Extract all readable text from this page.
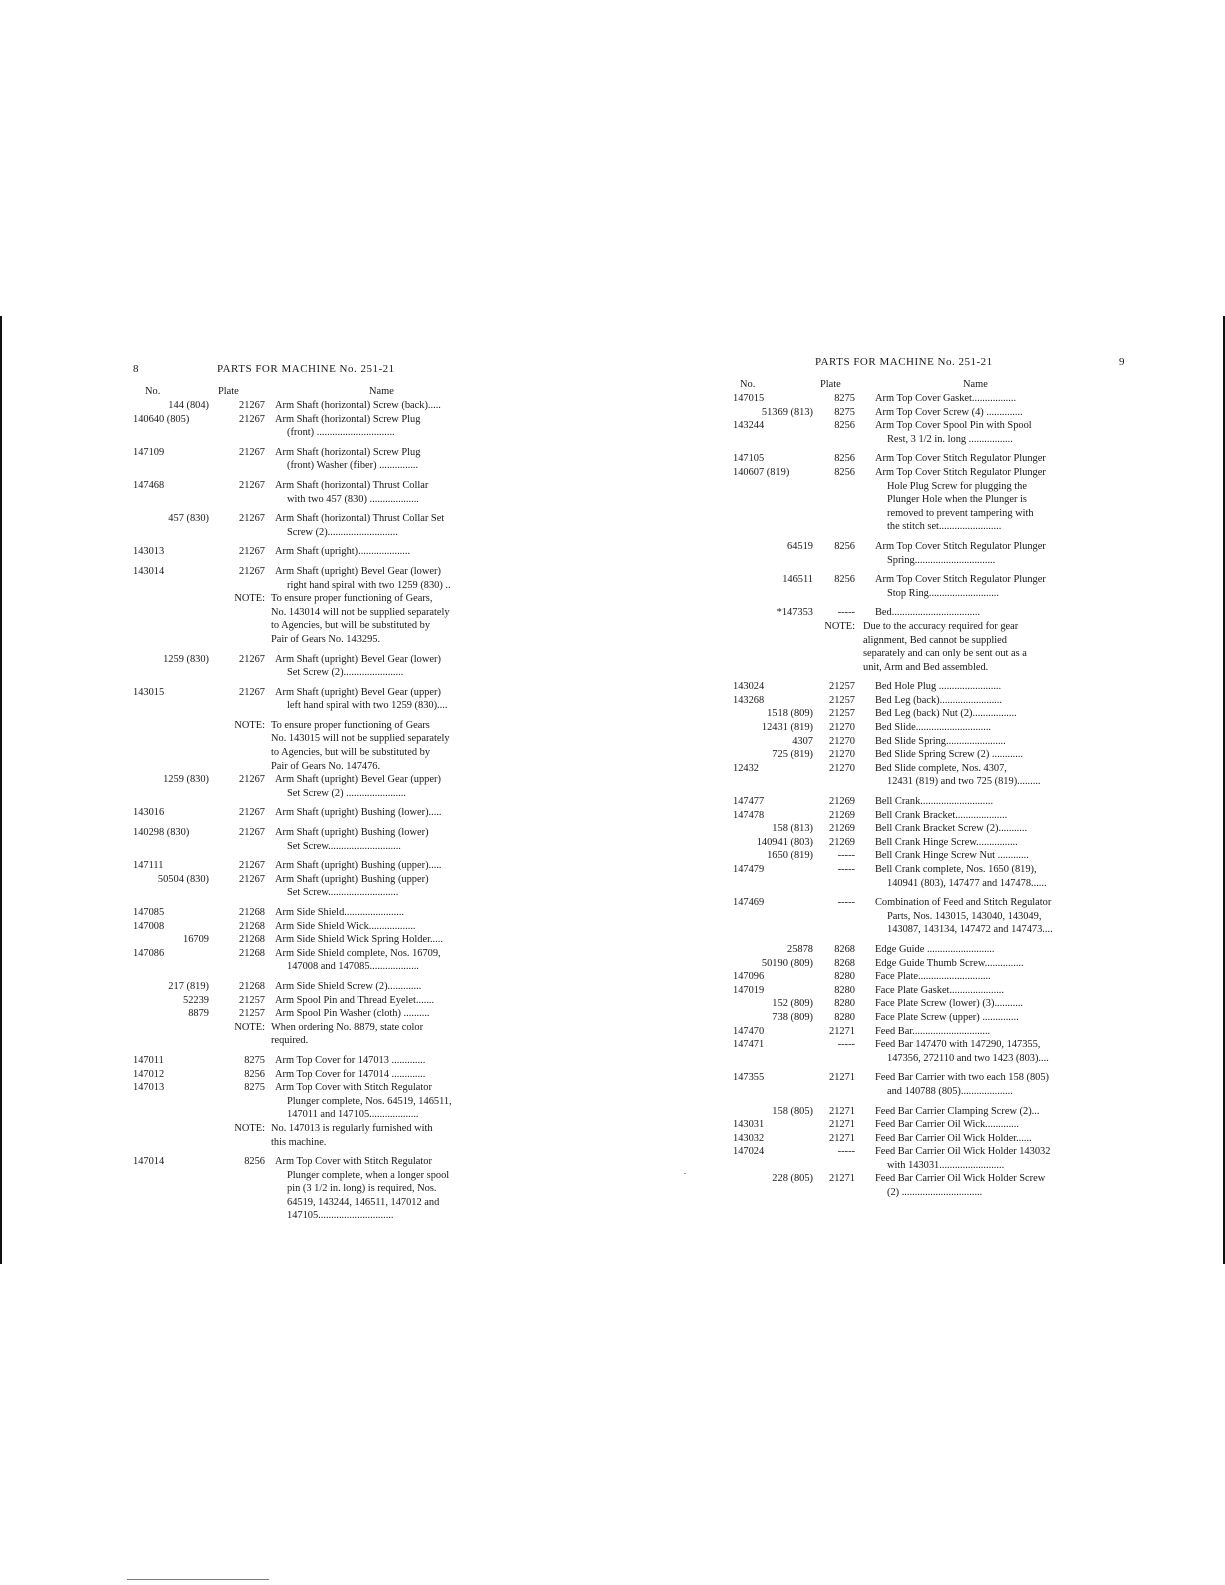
8	PARTS FOR MACHINE No. 251-21
No.	Plate	Name
144 (804)	21267 Arm Shaft (horizontal) Screw (back).....
140640 (805)	21267 Arm Shaft (horizontal) Screw Plug
(front) ..............................
147109	21267 Arm Shaft (horizontal) Screw Plug
(front) Washer (fiber) ...............
147468	21267 Arm Shaft (horizontal) Thrust Collar
with two 457 (830) ...................
457 (830)	21267 Arm Shaft (horizontal) Thrust Collar Set
Screw (2)...........................
143013	21267 Arm Shaft (upright)....................
143014	21267 Arm Shaft (upright) Bevel Gear (lower)
right hand spiral with two 1259 (830) ..
NOTE: To ensure proper functioning of Gears,
No. 143014 will not be supplied separately
to Agencies, but will be substituted by
Pair of Gears No. 143295.
1259 (830)	21267 Arm Shaft (upright) Bevel Gear (lower)
Set Screw (2).......................
143015	21267 Arm Shaft (upright) Bevel Gear (upper)
left hand spiral with two 1259 (830)....
NOTE: To ensure proper functioning of Gears
No. 143015 will not be supplied separately
to Agencies, but will be substituted by
Pair of Gears No. 147476.
1259 (830)	21267 Arm Shaft (upright) Bevel Gear (upper)
Set Screw (2) .......................
143016	21267 Arm Shaft (upright) Bushing (lower).....
140298 (830)	21267 Arm Shaft (upright) Bushing (lower)
Set Screw............................
147111	21267 Arm Shaft (upright) Bushing (upper).....
50504 (830)	21267 Arm Shaft (upright) Bushing (upper)
Set Screw...........................
147085	21268 Arm Side Shield.......................
147008	21268 Arm Side Shield Wick..................
16709	21268 Arm Side Shield Wick Spring Holder.....
147086	21268 Arm Side Shield complete, Nos. 16709,
147008 and 147085...................
217 (819)	21268 Arm Side Shield Screw (2).............
52239	21257 Arm Spool Pin and Thread Eyelet.......
8879	21257 Arm Spool Pin Washer (cloth) ..........
NOTE: When ordering No. 8879, state color
required.
147011	8275 Arm Top Cover for 147013 .............
147012	8256 Arm Top Cover for 147014 .............
147013	8275 Arm Top Cover with Stitch Regulator
Plunger complete, Nos. 64519, 146511,
147011 and 147105...................
NOTE: No. 147013 is regularly furnished with
this machine.
147014	8256 Arm Top Cover with Stitch Regulator
Plunger complete, when a longer spool
pin (3 1/2 in. long) is required, Nos.
64519, 143244, 146511, 147012 and
147105.............................
PARTS FOR MACHINE No. 251-21	9
No.	Plate	Name
147015	8275 Arm Top Cover Gasket.................
51369 (813)	8275 Arm Top Cover Screw (4) ..............
143244	8256 Arm Top Cover Spool Pin with Spool
Rest, 3 1/2 in. long .................
147105	8256 Arm Top Cover Stitch Regulator Plunger
140607 (819)	8256 Arm Top Cover Stitch Regulator Plunger
Hole Plug Screw for plugging the
Plunger Hole when the Plunger is
removed to prevent tampering with
the stitch set........................
64519	8256 Arm Top Cover Stitch Regulator Plunger
Spring...............................
146511	8256 Arm Top Cover Stitch Regulator Plunger
Stop Ring...........................
*147353	----- Bed..................................
NOTE: Due to the accuracy required for gear
alignment, Bed cannot be supplied
separately and can only be sent out as a
unit, Arm and Bed assembled.
143024	21257 Bed Hole Plug ........................
143268	21257 Bed Leg (back)........................
1518 (809)	21257 Bed Leg (back) Nut (2).................
12431 (819)	21270 Bed Slide.............................
4307	21270 Bed Slide Spring.......................
725 (819)	21270 Bed Slide Spring Screw (2) ............
12432	21270 Bed Slide complete, Nos. 4307,
12431 (819) and two 725 (819).........
147477	21269 Bell Crank............................
147478	21269 Bell Crank Bracket....................
158 (813)	21269 Bell Crank Bracket Screw (2)...........
140941 (803)	21269 Bell Crank Hinge Screw................
1650 (819)	----- Bell Crank Hinge Screw Nut ............
147479	----- Bell Crank complete, Nos. 1650 (819),
140941 (803), 147477 and 147478......
147469	----- Combination of Feed and Stitch Regulator
Parts, Nos. 143015, 143040, 143049,
143087, 143134, 147472 and 147473....
25878	8268 Edge Guide ..........................
50190 (809)	8268 Edge Guide Thumb Screw...............
147096	8280 Face Plate............................
147019	8280 Face Plate Gasket.....................
152 (809)	8280 Face Plate Screw (lower) (3)...........
738 (809)	8280 Face Plate Screw (upper) ..............
147470	21271 Feed Bar..............................
147471	----- Feed Bar 147470 with 147290, 147355,
147356, 272110 and two 1423 (803)....
147355	21271 Feed Bar Carrier with two each 158 (805)
and 140788 (805)....................
158 (805)	21271 Feed Bar Carrier Clamping Screw (2)...
143031	21271 Feed Bar Carrier Oil Wick.............
143032	21271 Feed Bar Carrier Oil Wick Holder......
147024	----- Feed Bar Carrier Oil Wick Holder 143032
with 143031.........................
228 (805)	21271 Feed Bar Carrier Oil Wick Holder Screw
(2) ...............................
